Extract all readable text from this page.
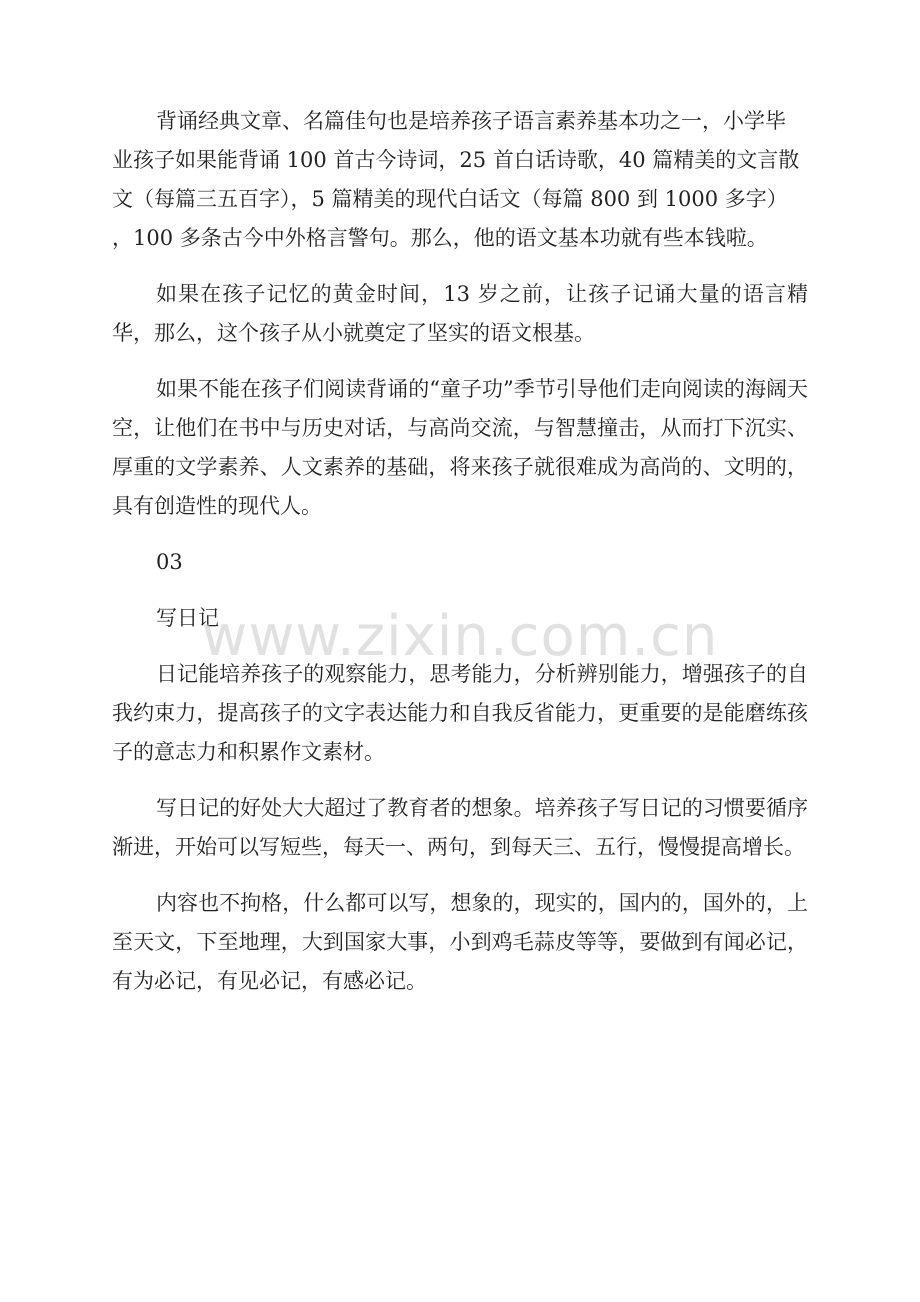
背诵经典文章、名篇佳句也是培养孩子语言素养基本功之一，小学毕
业孩子如果能背诵 100 首古今诗词，25 首白话诗歌，40 篇精美的文言散
文（每篇三五百字），5 篇精美的现代白话文（每篇 800 到 1000 多字）
，100 多条古今中外格言警句。那么，他的语文基本功就有些本钱啦。

如果在孩子记忆的黄金时间，13 岁之前，让孩子记诵大量的语言精华，那么，这个孩子从小就奠定了坚实的语文根基。

如果不能在孩子们阅读背诵的“童子功”季节引导他们走向阅读的海阔天空，让他们在书中与历史对话，与高尚交流，与智慧撞击，从而打下沉实、厚重的文学素养、人文素养的基础，将来孩子就很难成为高尚的、文明的，具有创造性的现代人。

03

写日记

日记能培养孩子的观察能力，思考能力，分析辨别能力，增强孩子的自我约束力，提高孩子的文字表达能力和自我反省能力，更重要的是能磨练孩子的意志力和积累作文素材。

写日记的好处大大超过了教育者的想象。培养孩子写日记的习惯要循序渐进，开始可以写短些，每天一、两句，到每天三、五行，慢慢提高增长。

内容也不拘格，什么都可以写，想象的，现实的，国内的，国外的，上至天文，下至地理，大到国家大事，小到鸡毛蒜皮等等，要做到有闻必记，有为必记，有见必记，有感必记。

www.zixin.com.cn
